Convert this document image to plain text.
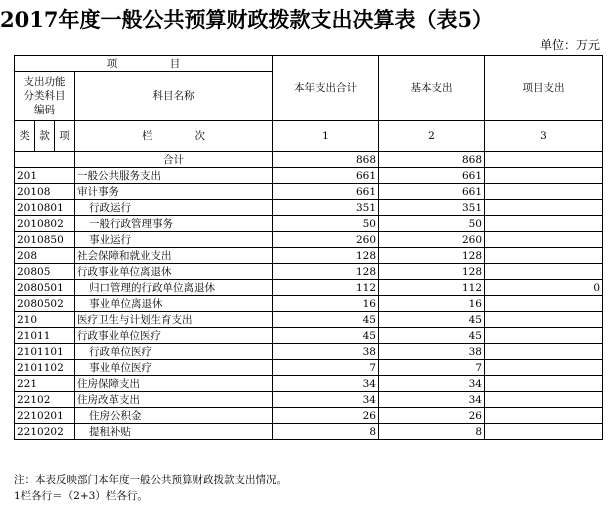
2017年度一般公共预算财政拨款支出决算表（表5）
单位：万元
项　　　　　目				本年支出合计	基本支出	项目支出

支出功能
分类科目
编码			科目名称			

类	款	项	栏　　　　次	1	2	3
			合计	868	868	
201			一般公共服务支出	661	661	
20108			审计事务	661	661	
2010801			行政运行	351	351	
2010802			一般行政管理事务	50	50	
2010850			事业运行	260	260	
208			社会保障和就业支出	128	128	
20805			行政事业单位离退休	128	128	
2080501			归口管理的行政单位离退休	112	112	0
2080502			事业单位离退休	16	16	
210			医疗卫生与计划生育支出	45	45	
21011			行政事业单位医疗	45	45	
2101101			行政单位医疗	38	38	
2101102			事业单位医疗	7	7	
221			住房保障支出	34	34	
22102			住房改革支出	34	34	
2210201			住房公积金	26	26	
2210202			提租补贴	8	8	
注：本表反映部门本年度一般公共预算财政拨款支出情况。
1栏各行＝（2+3）栏各行。
